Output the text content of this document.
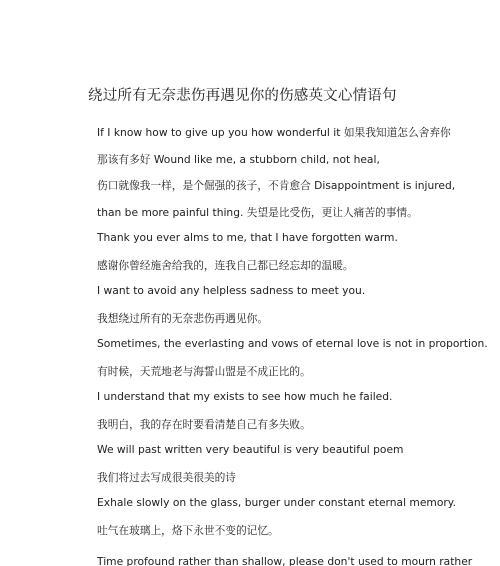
绕过所有无奈悲伤再遇见你的伤感英文心情语句
If I know how to give up you how wonderful it 如果我知道怎么舍弃你
那该有多好 Wound like me, a stubborn child, not heal,
伤口就像我一样，是个倔强的孩子，不肯愈合 Disappointment is injured,
than be more painful thing. 失望是比受伤，更让人痛苦的事情。
Thank you ever alms to me, that I have forgotten warm.
感谢你曾经施舍给我的，连我自己都已经忘却的温暖。
I want to avoid any helpless sadness to meet you.
我想绕过所有的无奈悲伤再遇见你。
Sometimes, the everlasting and vows of eternal love is not in proportion.
有时候，天荒地老与海誓山盟是不成正比的。
I understand that my exists to see how much he failed.
我明白，我的存在时要看清楚自己有多失败。
We will past written very beautiful is very beautiful poem
我们将过去写成很美很美的诗
Exhale slowly on the glass, burger under constant eternal memory.
吐气在玻璃上，烙下永世不变的记忆。
Time profound rather than shallow, please don't used to mourn rather
